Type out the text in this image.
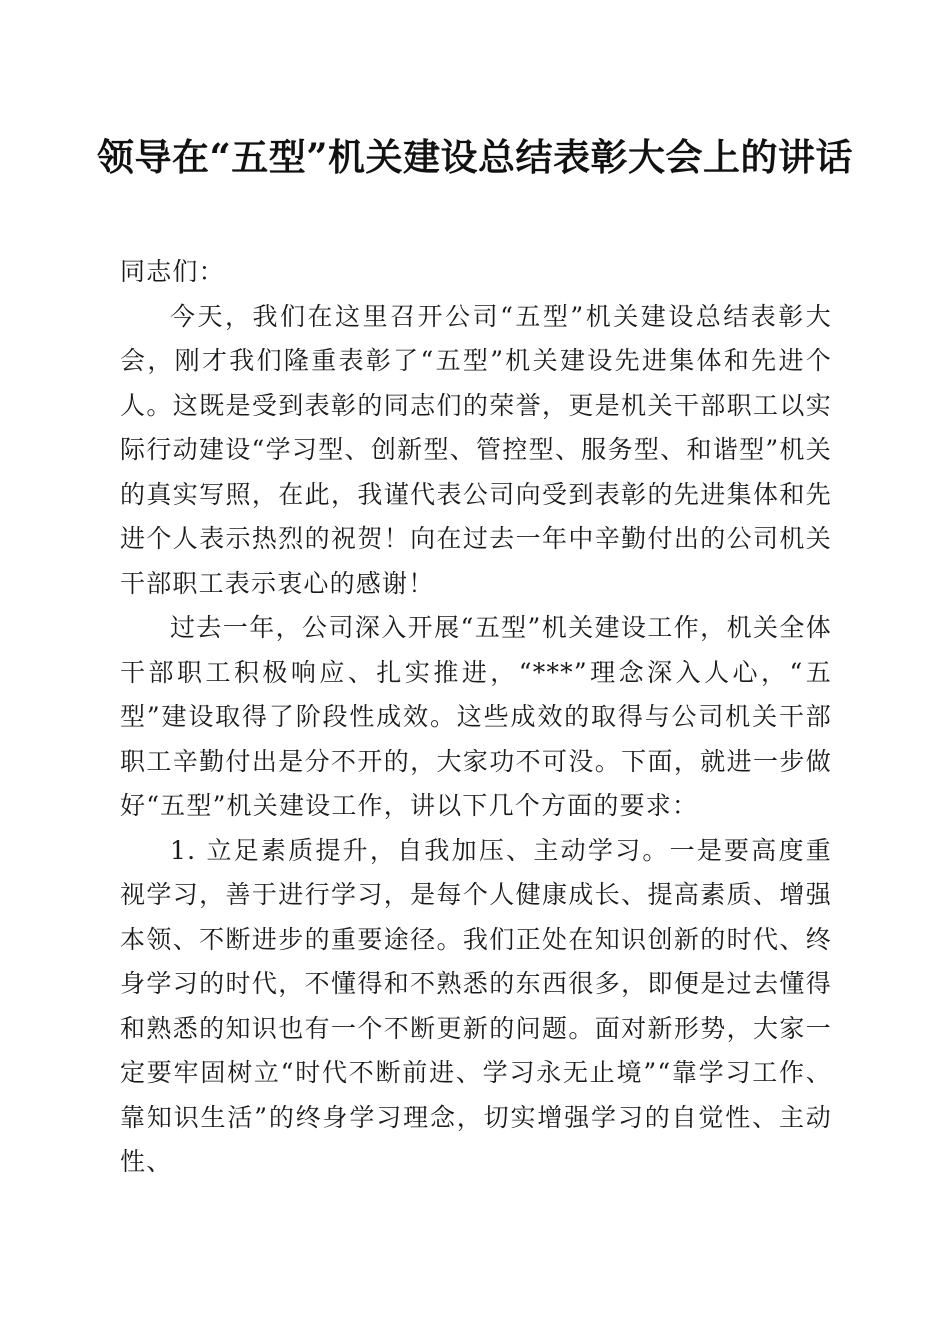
领导在“五型”机关建设总结表彰大会上的讲话

同志们：

今天，我们在这里召开公司“五型”机关建设总结表彰大会，刚才我们隆重表彰了“五型”机关建设先进集体和先进个人。这既是受到表彰的同志们的荣誉，更是机关干部职工以实际行动建设“学习型、创新型、管控型、服务型、和谐型”机关的真实写照，在此，我谨代表公司向受到表彰的先进集体和先进个人表示热烈的祝贺！向在过去一年中辛勤付出的公司机关干部职工表示衷心的感谢！

过去一年，公司深入开展“五型”机关建设工作，机关全体干部职工积极响应、扎实推进，“***”理念深入人心，“五型”建设取得了阶段性成效。这些成效的取得与公司机关干部职工辛勤付出是分不开的，大家功不可没。下面，就进一步做好“五型”机关建设工作，讲以下几个方面的要求：

1. 立足素质提升，自我加压、主动学习。一是要高度重视学习，善于进行学习，是每个人健康成长、提高素质、增强本领、不断进步的重要途径。我们正处在知识创新的时代、终身学习的时代，不懂得和不熟悉的东西很多，即便是过去懂得和熟悉的知识也有一个不断更新的问题。面对新形势，大家一定要牢固树立“时代不断前进、学习永无止境”“靠学习工作、靠知识生活”的终身学习理念，切实增强学习的自觉性、主动性、
